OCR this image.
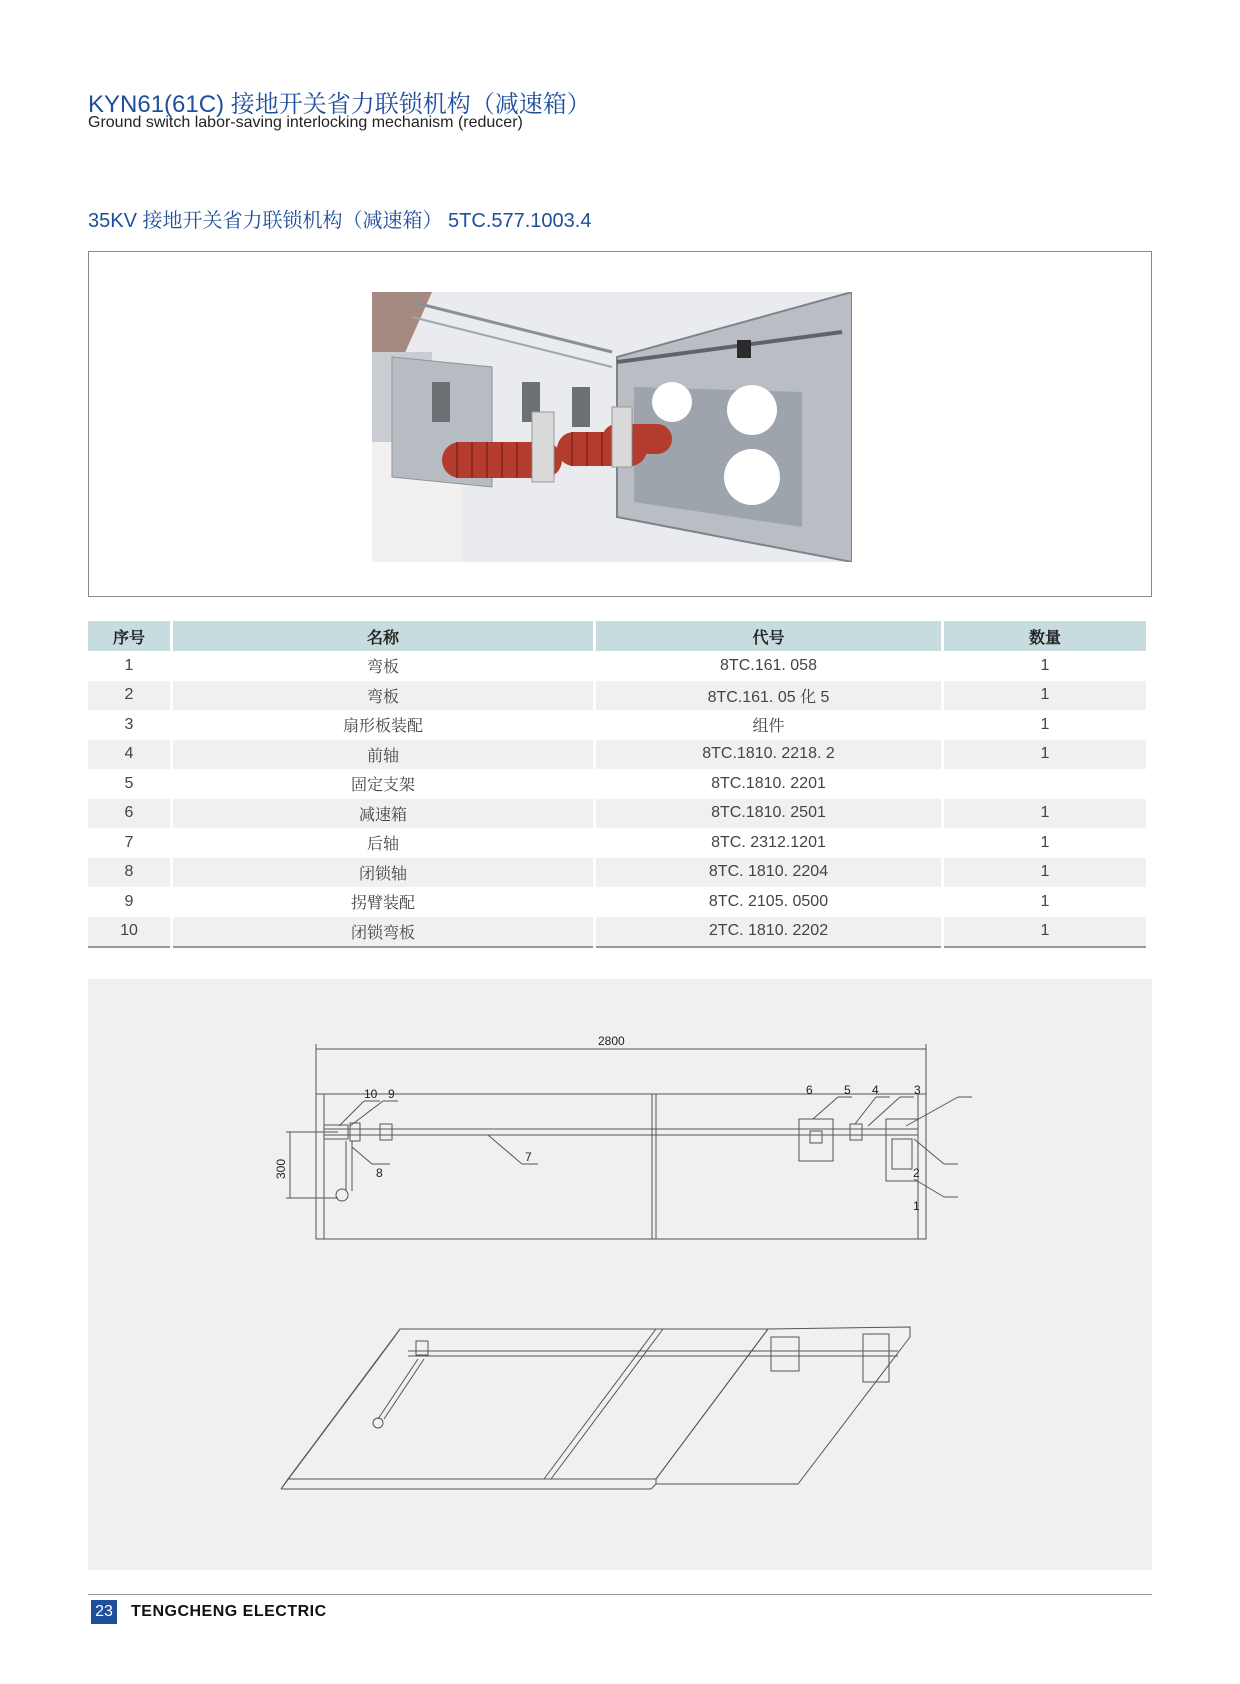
KYN61(61C) 接地开关省力联锁机构（减速箱）
Ground switch labor-saving interlocking mechanism (reducer)
35KV 接地开关省力联锁机构（减速箱） 5TC.577.1003.4
序号	名称	代号	数量
1	弯板	8TC.161. 058	1
2	弯板	8TC.161. 05 化 5	1
3	扇形板装配	组件	1
4	前轴	8TC.1810. 2218. 2	1
5	固定支架	8TC.1810. 2201	
6	减速箱	8TC.1810. 2501	1
7	后轴	8TC. 2312.1201	1
8	闭锁轴	8TC. 1810. 2204	1
9	拐臂装配	8TC. 2105. 0500	1
10	闭锁弯板	2TC. 1810. 2202	1
2800
300
10 9
8
7
6	5 4	3
2
1
23 TENGCHENG ELECTRIC
